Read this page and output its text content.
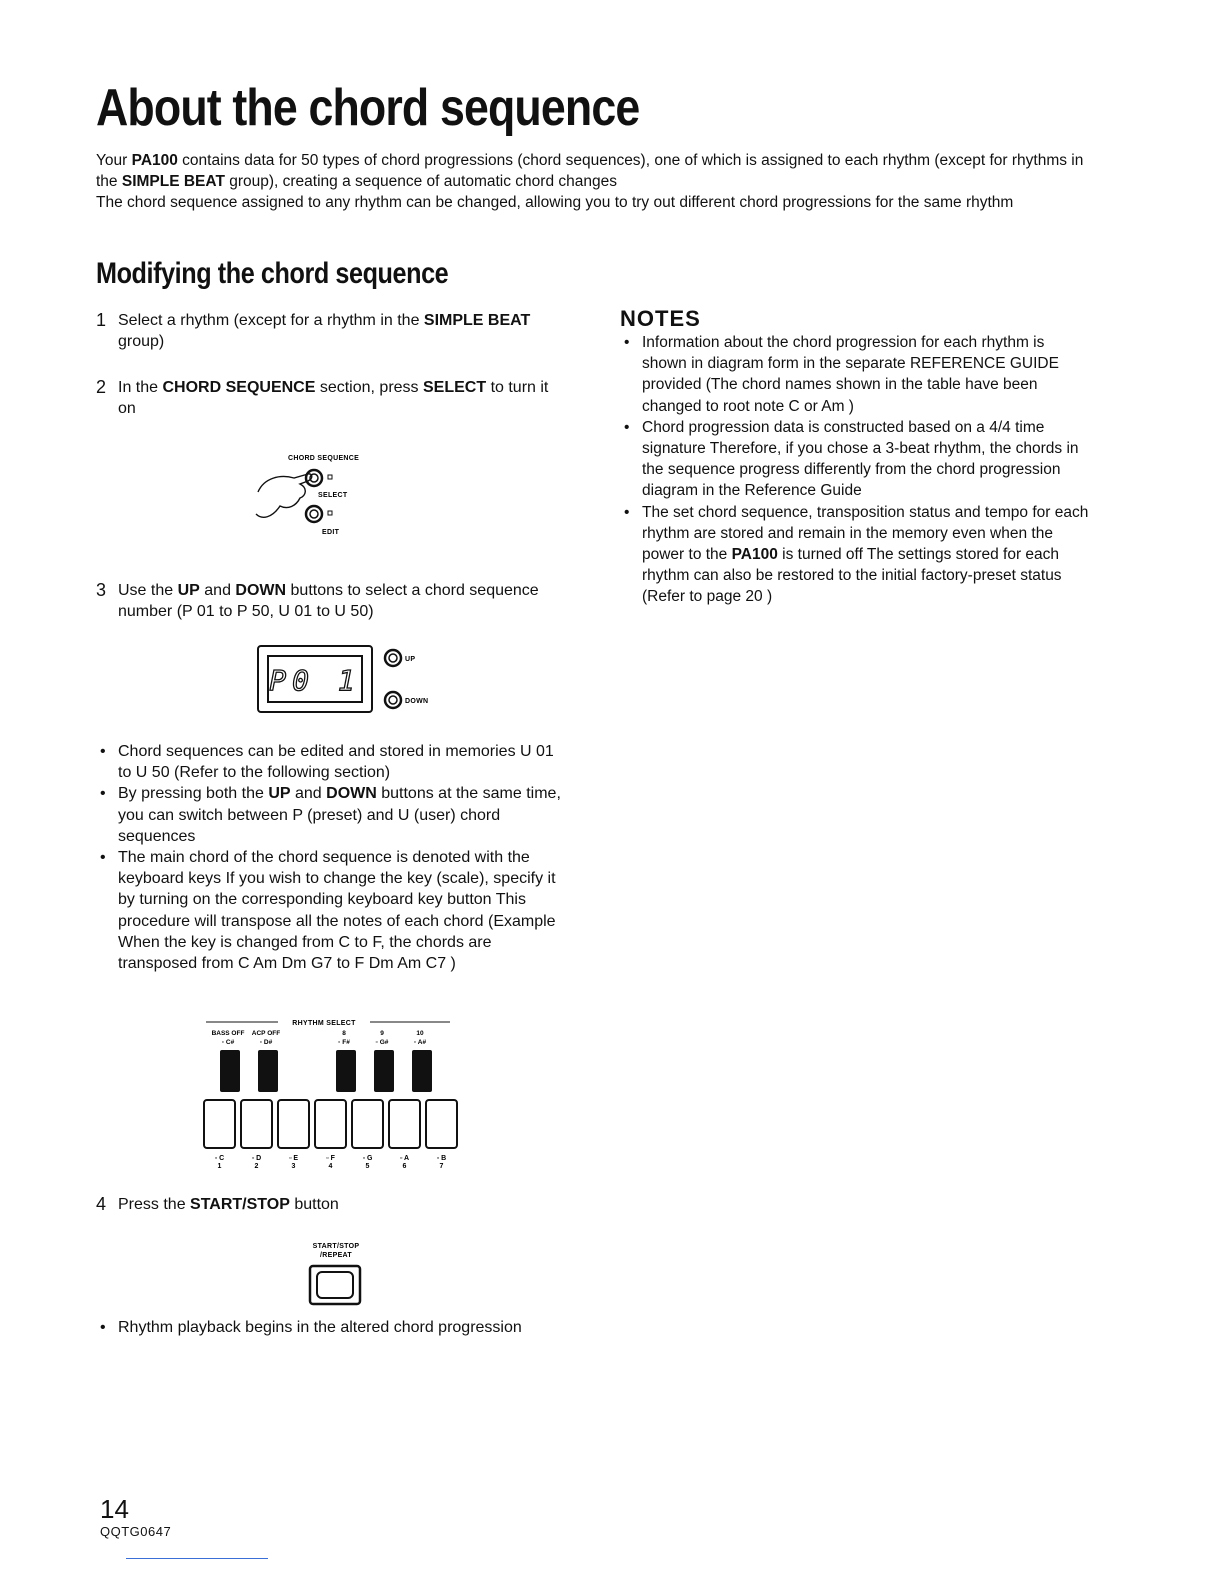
About the chord sequence

Your PA100 contains data for 50 types of chord progressions (chord sequences), one of which is assigned to each rhythm (except for rhythms in the SIMPLE BEAT group), creating a sequence of automatic chord changes

The chord sequence assigned to any rhythm can be changed, allowing you to try out different chord progressions for the same rhythm

Modifying the chord sequence
1 Select a rhythm (except for a rhythm in the SIMPLE BEAT group)
2 In the CHORD SEQUENCE section, press SELECT to turn it on
CHORD SEQUENCE
SELECT
EDIT
3 Use the UP and DOWN buttons to select a chord sequence number (P 01 to P 50, U 01 to U 50)
P0 1
UP
DOWN
• Chord sequences can be edited and stored in memories U 01 to U 50 (Refer to the following section)
• By pressing both the UP and DOWN buttons at the same time, you can switch between P (preset) and U (user) chord sequences
• The main chord of the chord sequence is denoted with the keyboard keys If you wish to change the key (scale), specify it by turning on the corresponding keyboard key button This procedure will transpose all the notes of each chord (Example When the key is changed from C to F, the chords are transposed from C Am Dm G7 to F Dm Am C7 )
RHYTHM SELECT
BASS OFF ACP OFF	8	9	10
▫ C#	▫ D#	▫ F#	▫ G#	▫ A#
▫ C
1
▫ D
2
▫ E
3
▫ F
4
▫ G
5
▫ A
6
▫ B
7
4 Press the START/STOP button
START/STOP
/REPEAT
• Rhythm playback begins in the altered chord progression
NOTES
• Information about the chord progression for each rhythm is shown in diagram form in the separate REFERENCE GUIDE provided (The chord names shown in the table have been changed to root note C or Am )
• Chord progression data is constructed based on a 4/4 time signature Therefore, if you chose a 3-beat rhythm, the chords in the sequence progress differently from the chord progression diagram in the Reference Guide
• The set chord sequence, transposition status and tempo for each rhythm are stored and remain in the memory even when the power to the PA100 is turned off The settings stored for each rhythm can also be restored to the initial factory-preset status (Refer to page 20 )
14
QQTG0647
